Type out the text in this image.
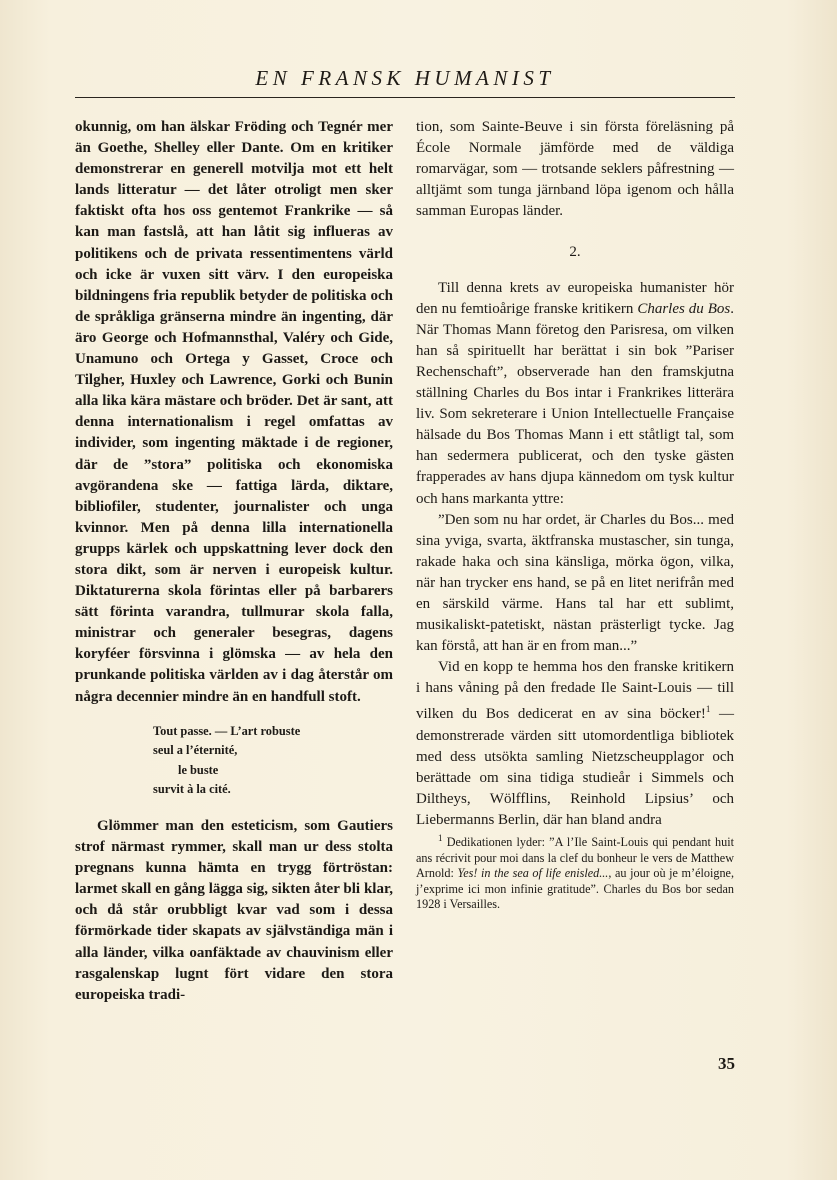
EN FRANSK HUMANIST

okunnig, om han älskar Fröding och Tegnér mer än Goethe, Shelley eller Dante. Om en kritiker demonstrerar en generell motvilja mot ett helt lands litteratur — det låter otroligt men sker faktiskt ofta hos oss gentemot Frankrike — så kan man fastslå, att han låtit sig influeras av politikens och de privata ressentimentens värld och icke är vuxen sitt värv. I den europeiska bildningens fria republik betyder de politiska och de språkliga gränserna mindre än ingenting, där äro George och Hofmannsthal, Valéry och Gide, Unamuno och Ortega y Gasset, Croce och Tilgher, Huxley och Lawrence, Gorki och Bunin alla lika kära mästare och bröder. Det är sant, att denna internationalism i regel omfattas av individer, som ingenting mäktade i de regioner, där de ”stora” politiska och ekonomiska avgörandena ske — fattiga lärda, diktare, bibliofiler, studenter, journalister och unga kvinnor. Men på denna lilla internationella grupps kärlek och uppskattning lever dock den stora dikt, som är nerven i europeisk kultur. Diktaturerna skola förintas eller på barbarers sätt förinta varandra, tullmurar skola falla, ministrar och generaler besegras, dagens koryféer försvinna i glömska — av hela den prunkande politiska världen av i dag återstår om några decennier mindre än en handfull stoft.

Tout passe. — L’art robuste
seul a l’éternité,
le buste
survit à la cité.

Glömmer man den esteticism, som Gautiers strof närmast rymmer, skall man ur dess stolta pregnans kunna hämta en trygg förtröstan: larmet skall en gång lägga sig, sikten åter bli klar, och då står orubbligt kvar vad som i dessa förmörkade tider skapats av självständiga män i alla länder, vilka oanfäktade av chauvinism eller rasgalenskap lugnt fört vidare den stora europeiska tradi-

tion, som Sainte-Beuve i sin första föreläsning på École Normale jämförde med de väldiga romarvägar, som — trotsande seklers påfrestning — alltjämt som tunga järnband löpa igenom och hålla samman Europas länder.

2.

Till denna krets av europeiska humanister hör den nu femtioårige franske kritikern Charles du Bos. När Thomas Mann företog den Parisresa, om vilken han så spirituellt har berättat i sin bok ”Pariser Rechenschaft”, observerade han den framskjutna ställning Charles du Bos intar i Frankrikes litterära liv. Som sekreterare i Union Intellectuelle Française hälsade du Bos Thomas Mann i ett ståtligt tal, som han sedermera publicerat, och den tyske gästen frapperades av hans djupa kännedom om tysk kultur och hans markanta yttre:

”Den som nu har ordet, är Charles du Bos... med sina yviga, svarta, äktfranska mustascher, sin tunga, rakade haka och sina känsliga, mörka ögon, vilka, när han trycker ens hand, se på en litet nerifrån med en särskild värme. Hans tal har ett sublimt, musikaliskt-patetiskt, nästan prästerligt tycke. Jag kan förstå, att han är en from man...”

Vid en kopp te hemma hos den franske kritikern i hans våning på den fredade Ile Saint-Louis — till vilken du Bos dedicerat en av sina böcker!$^1$ — demonstrerade värden sitt utomordentliga bibliotek med dess utsökta samling Nietzscheupplagor och berättade om sina tidiga studieår i Simmels och Diltheys, Wölfflins, Reinhold Lipsius’ och Liebermanns Berlin, där han bland andra

$^1$ Dedikationen lyder: ”A l’Ile Saint-Louis qui pendant huit ans récrivit pour moi dans la clef du bonheur le vers de Matthew Arnold: Yes! in the sea of life enisled..., au jour où je m’éloigne, j’exprime ici mon infinie gratitude”. Charles du Bos bor sedan 1928 i Versailles.

35
